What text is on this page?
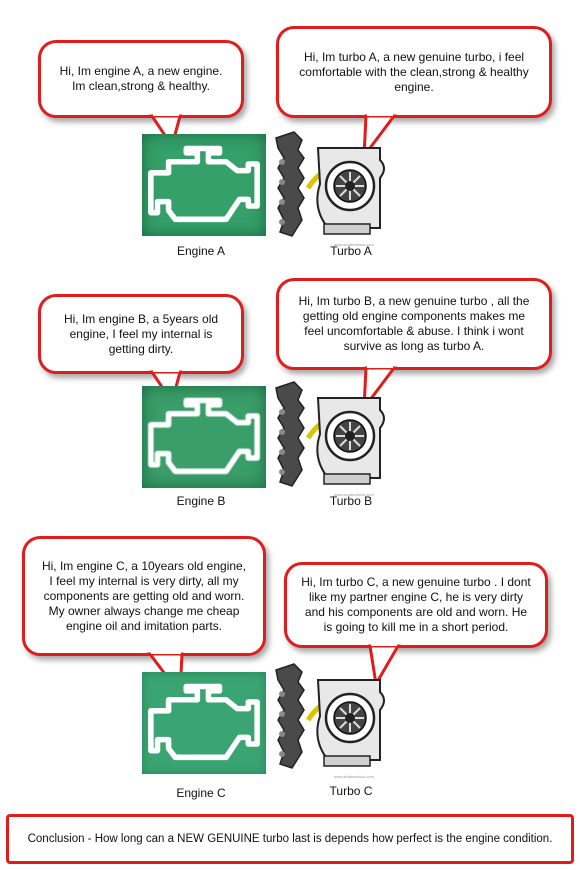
Hi, Im engine A, a new engine. Im clean,strong & healthy.
Hi, Im turbo A, a new genuine turbo, i feel comfortable with the clean,strong & healthy engine.
Engine A	Turbo A
Hi, Im engine B, a 5years old engine, I feel my internal is getting dirty.
Hi, Im turbo B, a new genuine turbo , all the getting old engine components makes me feel uncomfortable & abuse. I think i wont survive as long as turbo A.
Engine B	Turbo B
Hi, Im engine C, a 10years old engine, I feel my internal is very dirty, all my components are getting old and worn. My owner always change me cheap engine oil and imitation parts.
Hi, Im turbo C, a new genuine turbo . I dont like my partner engine C, he is very dirty and his components are old and worn. He is going to kill me in a short period.
Engine C	Turbo C
Conclusion - How long can a NEW GENUINE turbo last is depends how perfect is the engine condition.
